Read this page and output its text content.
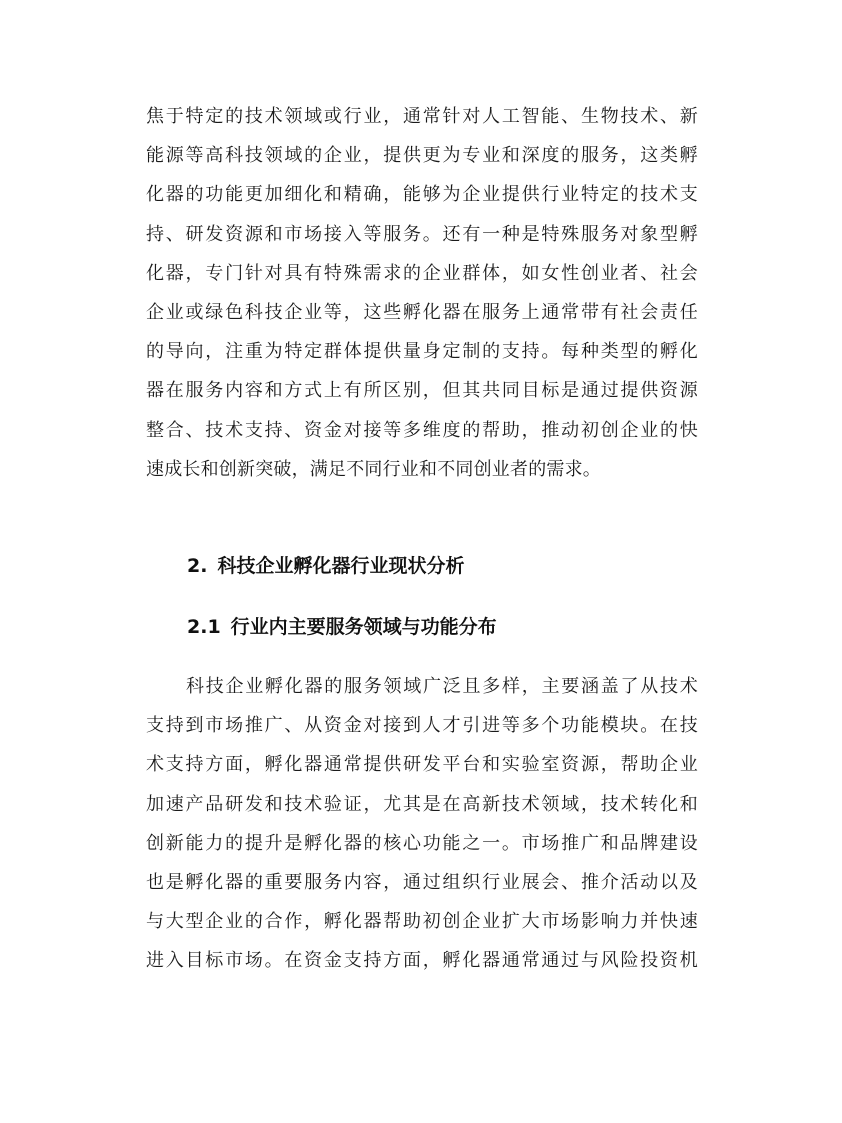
焦于特定的技术领域或行业，通常针对人工智能、生物技术、新
能源等高科技领域的企业，提供更为专业和深度的服务，这类孵
化器的功能更加细化和精确，能够为企业提供行业特定的技术支
持、研发资源和市场接入等服务。还有一种是特殊服务对象型孵
化器，专门针对具有特殊需求的企业群体，如女性创业者、社会
企业或绿色科技企业等，这些孵化器在服务上通常带有社会责任
的导向，注重为特定群体提供量身定制的支持。每种类型的孵化
器在服务内容和方式上有所区别，但其共同目标是通过提供资源
整合、技术支持、资金对接等多维度的帮助，推动初创企业的快
速成长和创新突破，满足不同行业和不同创业者的需求。
2. 科技企业孵化器行业现状分析
2.1 行业内主要服务领域与功能分布
科技企业孵化器的服务领域广泛且多样，主要涵盖了从技术
支持到市场推广、从资金对接到人才引进等多个功能模块。在技
术支持方面，孵化器通常提供研发平台和实验室资源，帮助企业
加速产品研发和技术验证，尤其是在高新技术领域，技术转化和
创新能力的提升是孵化器的核心功能之一。市场推广和品牌建设
也是孵化器的重要服务内容，通过组织行业展会、推介活动以及
与大型企业的合作，孵化器帮助初创企业扩大市场影响力并快速
进入目标市场。在资金支持方面，孵化器通常通过与风险投资机
